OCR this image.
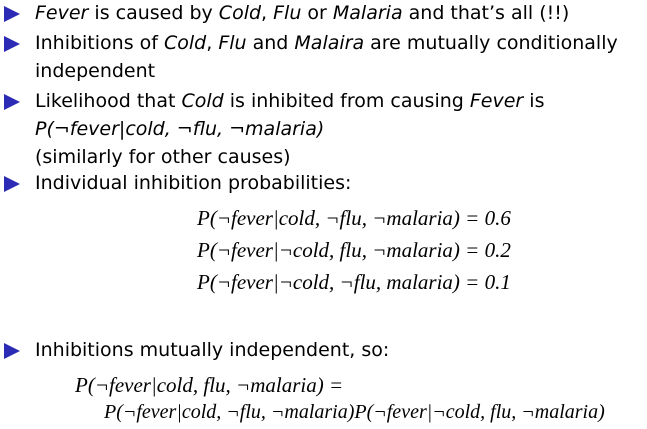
Fever is caused by Cold, Flu or Malaria and that’s all (!!)
Inhibitions of Cold, Flu and Malaira are mutually conditionally
independent
Likelihood that Cold is inhibited from causing Fever is
P(¬fever|cold, ¬flu, ¬malaria)
(similarly for other causes)
Individual inhibition probabilities:
P(¬fever|cold, ¬flu, ¬malaria) = 0.6
P(¬fever|¬cold, flu, ¬malaria) = 0.2
P(¬fever|¬cold, ¬flu, malaria) = 0.1
Inhibitions mutually independent, so:
P(¬fever|cold, flu, ¬malaria) =
P(¬fever|cold, ¬flu, ¬malaria)P(¬fever|¬cold, flu, ¬malaria)
